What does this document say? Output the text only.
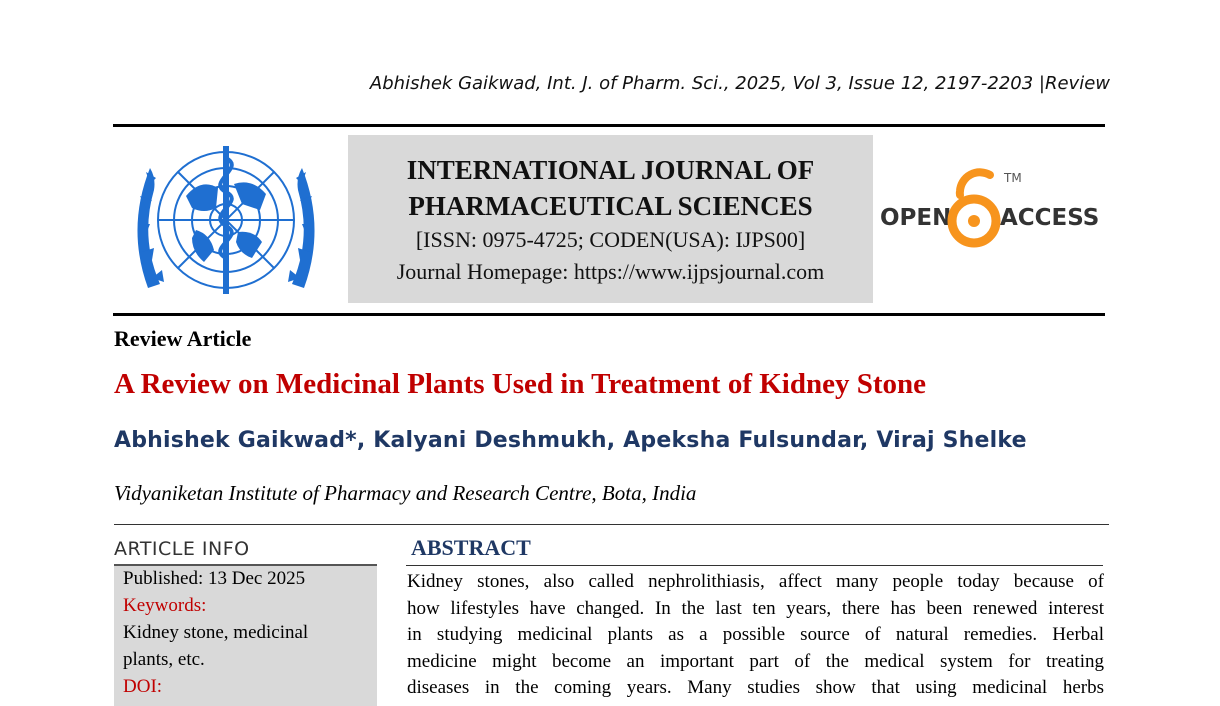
Abhishek Gaikwad, Int. J. of Pharm. Sci., 2025, Vol 3, Issue 12, 2197-2203 |Review
INTERNATIONAL JOURNAL OF
PHARMACEUTICAL SCIENCES
[ISSN: 0975-4725; CODEN(USA): IJPS00]
Journal Homepage: https://www.ijpsjournal.com
OPEN ACCESS
TM
Review Article
A Review on Medicinal Plants Used in Treatment of Kidney Stone
Abhishek Gaikwad*, Kalyani Deshmukh, Apeksha Fulsundar, Viraj Shelke
Vidyaniketan Institute of Pharmacy and Research Centre, Bota, India
ARTICLE INFO
Published: 13 Dec 2025
Keywords:
Kidney stone, medicinal
plants, etc.
DOI:
ABSTRACT
Kidney stones, also called nephrolithiasis, affect many people today because of
how lifestyles have changed. In the last ten years, there has been renewed interest
in studying medicinal plants as a possible source of natural remedies. Herbal
medicine might become an important part of the medical system for treating
diseases in the coming years. Many studies show that using medicinal herbs
